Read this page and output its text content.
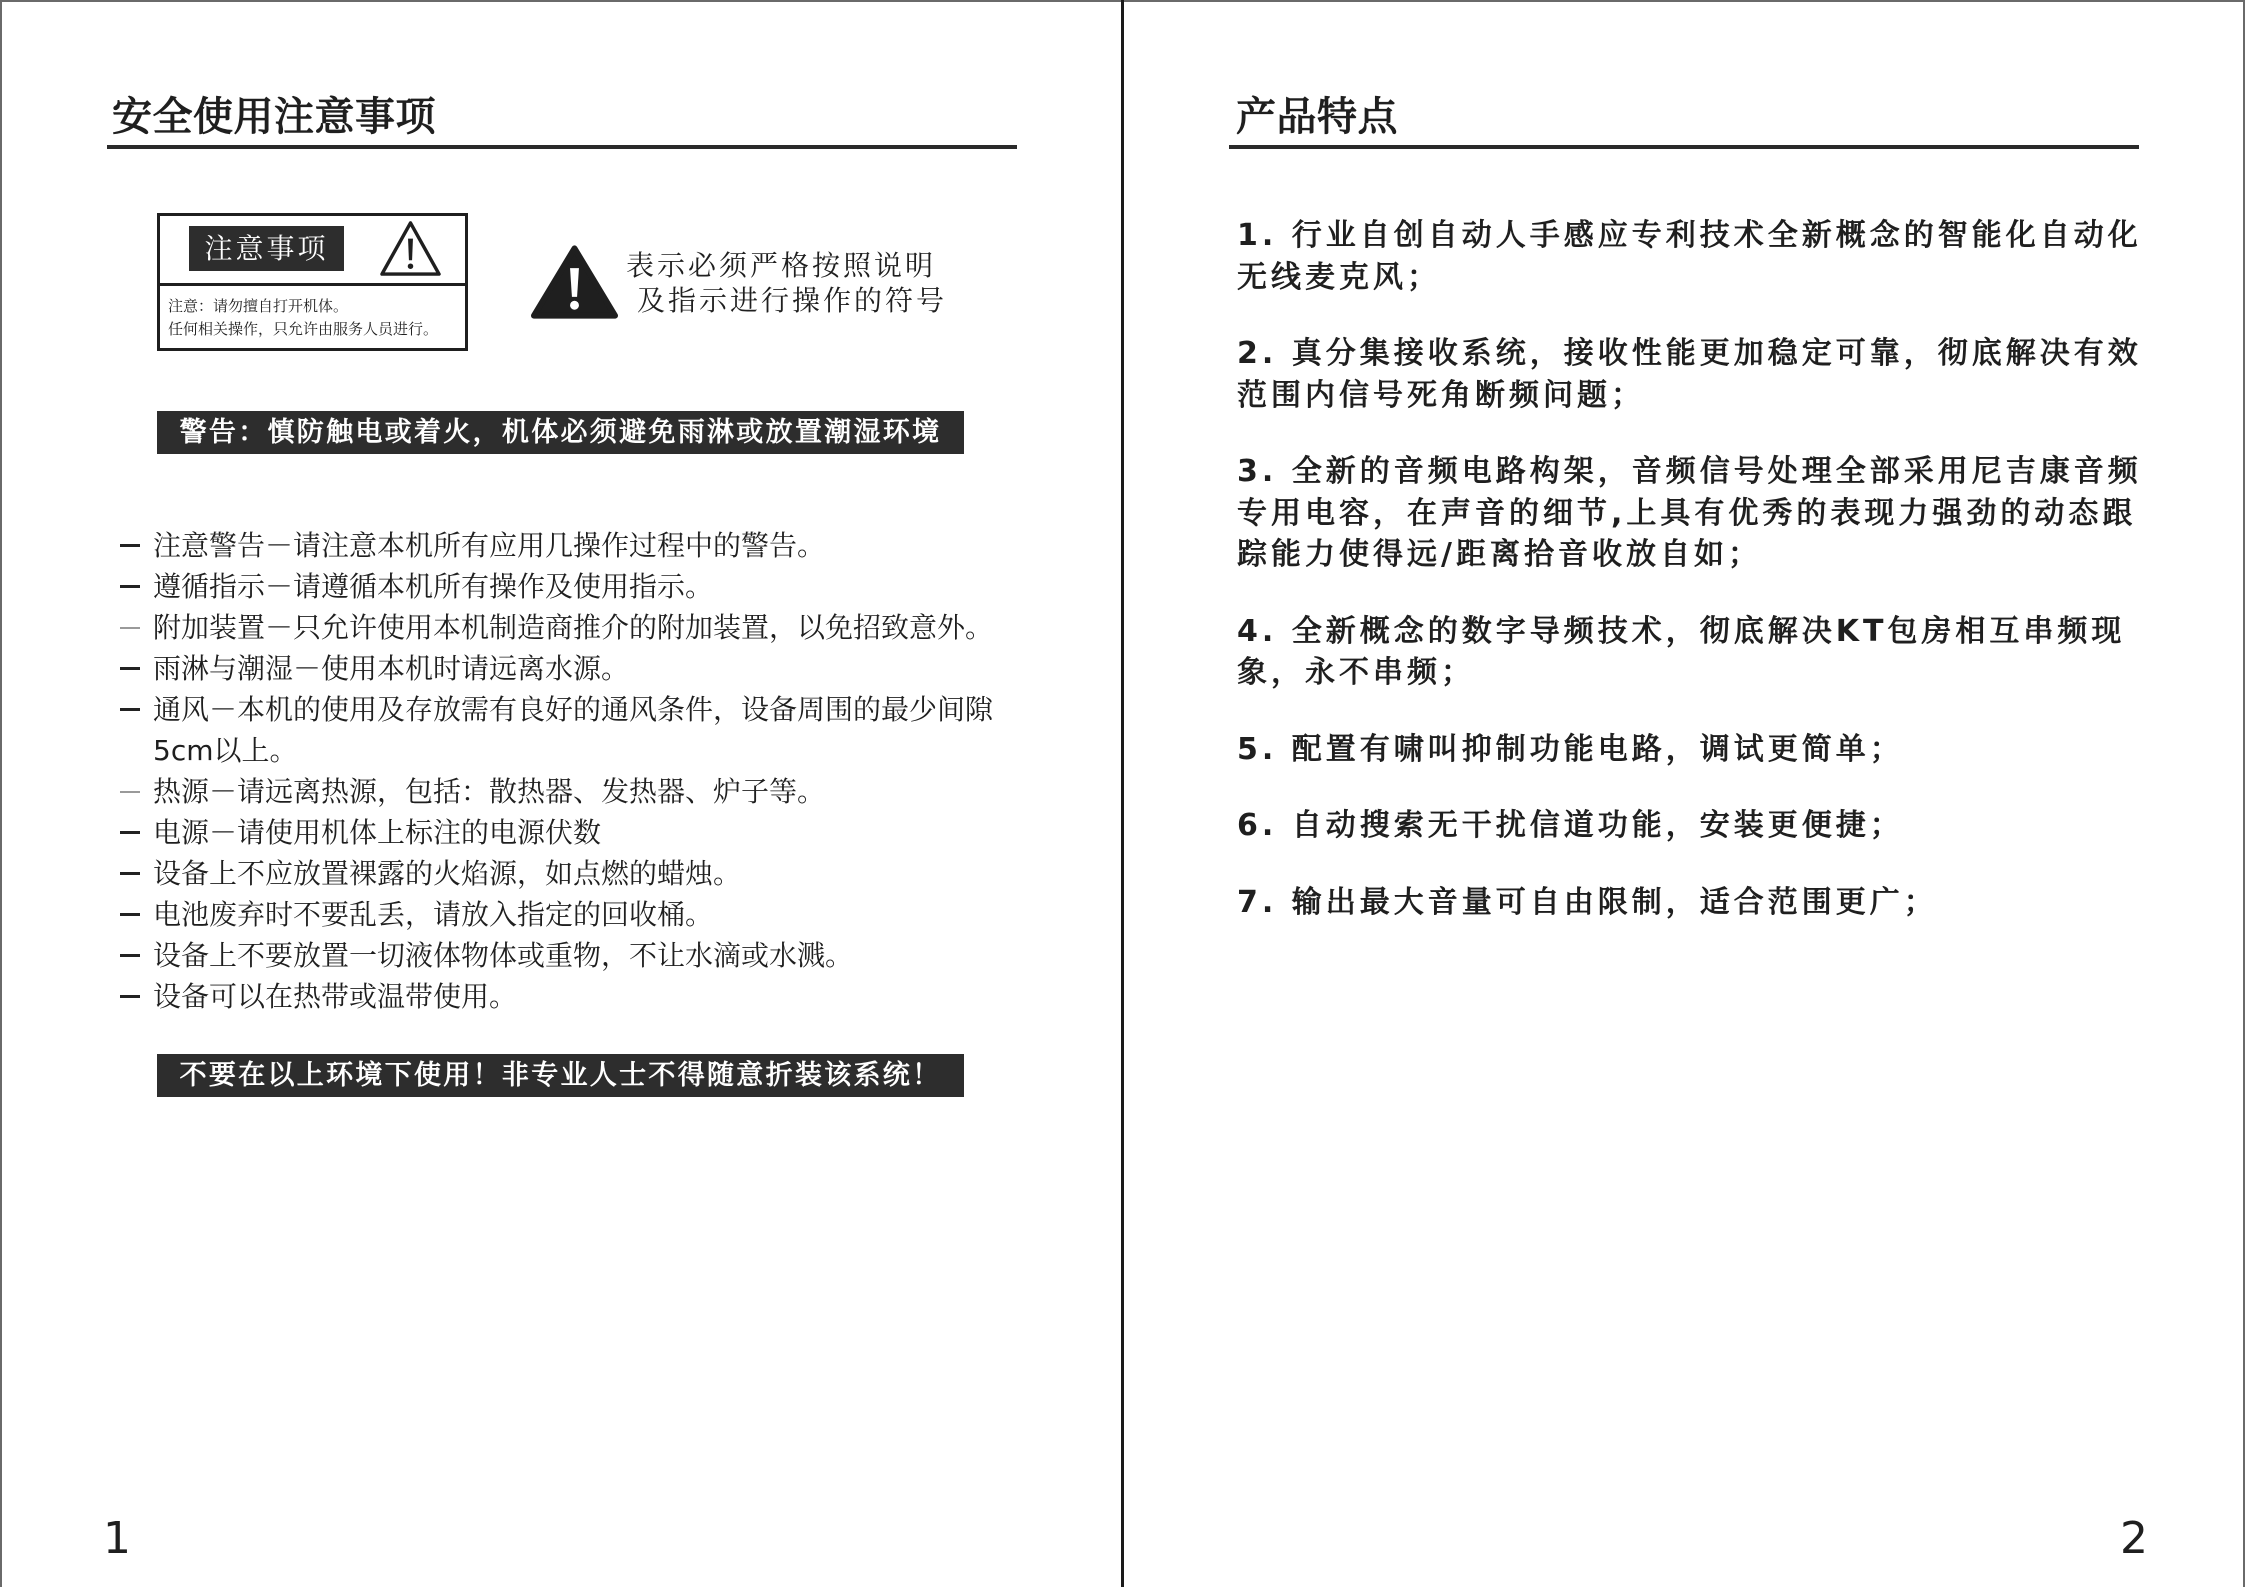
安全使用注意事项
注意事项
注意：请勿擅自打开机体。
任何相关操作，只允许由服务人员进行。
表示必须严格按照说明
及指示进行操作的符号
警告：慎防触电或着火，机体必须避免雨淋或放置潮湿环境
注意警告－请注意本机所有应用几操作过程中的警告。
遵循指示－请遵循本机所有操作及使用指示。
附加装置－只允许使用本机制造商推介的附加装置，以免招致意外。
雨淋与潮湿－使用本机时请远离水源。
通风－本机的使用及存放需有良好的通风条件，设备周围的最少间隙
5cm以上。
热源－请远离热源，包括：散热器、发热器、炉子等。
电源－请使用机体上标注的电源伏数
设备上不应放置裸露的火焰源，如点燃的蜡烛。
电池废弃时不要乱丢，请放入指定的回收桶。
设备上不要放置一切液体物体或重物，不让水滴或水溅。
设备可以在热带或温带使用。
不要在以上环境下使用！非专业人士不得随意折装该系统！
1
产品特点
1. 行业自创自动人手感应专利技术全新概念的智能化自动化
无线麦克风；
2. 真分集接收系统，接收性能更加稳定可靠，彻底解决有效
范围内信号死角断频问题；
3. 全新的音频电路构架，音频信号处理全部采用尼吉康音频
专用电容，在声音的细节,上具有优秀的表现力强劲的动态跟
踪能力使得远/距离拾音收放自如；
4. 全新概念的数字导频技术，彻底解决KT包房相互串频现
象，永不串频；
5. 配置有啸叫抑制功能电路，调试更简单；
6. 自动搜索无干扰信道功能，安装更便捷；
7. 输出最大音量可自由限制，适合范围更广；
2
